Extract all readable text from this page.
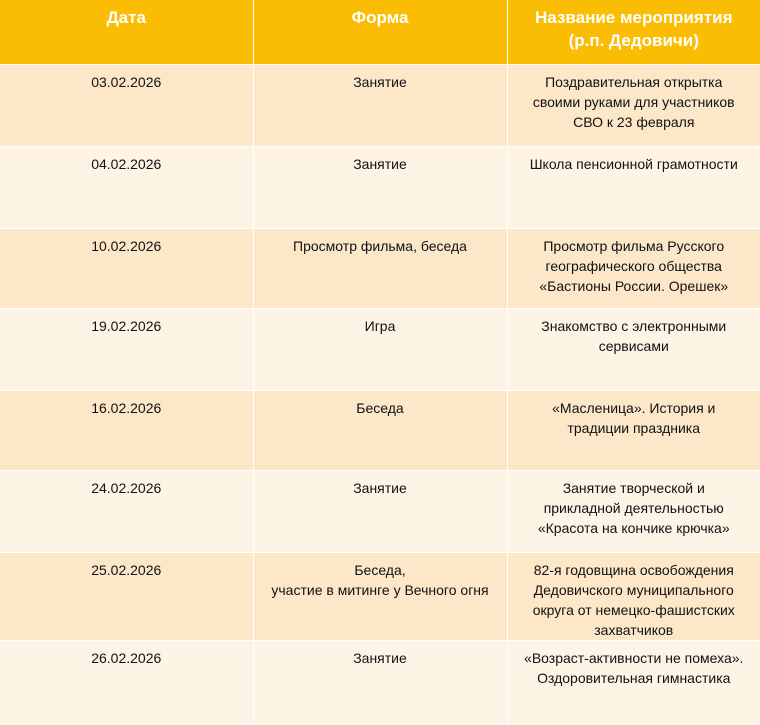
Дата	Форма	Название мероприятия
(р.п. Дедовичи)

03.02.2026	Занятие	Поздравительная открытка
своими руками для участников
СВО к 23 февраля

04.02.2026	Занятие	Школа пенсионной грамотности

10.02.2026	Просмотр фильма, беседа	Просмотр фильма Русского
географического общества
«Бастионы России. Орешек»

19.02.2026	Игра	Знакомство с электронными
сервисами

16.02.2026	Беседа	«Масленица». История и
традиции праздника

24.02.2026	Занятие	Занятие творческой и
прикладной деятельностью
«Красота на кончике крючка»

25.02.2026	Беседа,
участие в митинге у Вечного огня	82-я годовщина освобождения
Дедовичского муниципального
округа от немецко-фашистских
захватчиков

26.02.2026	Занятие	«Возраст-активности не помеха».
Оздоровительная гимнастика
